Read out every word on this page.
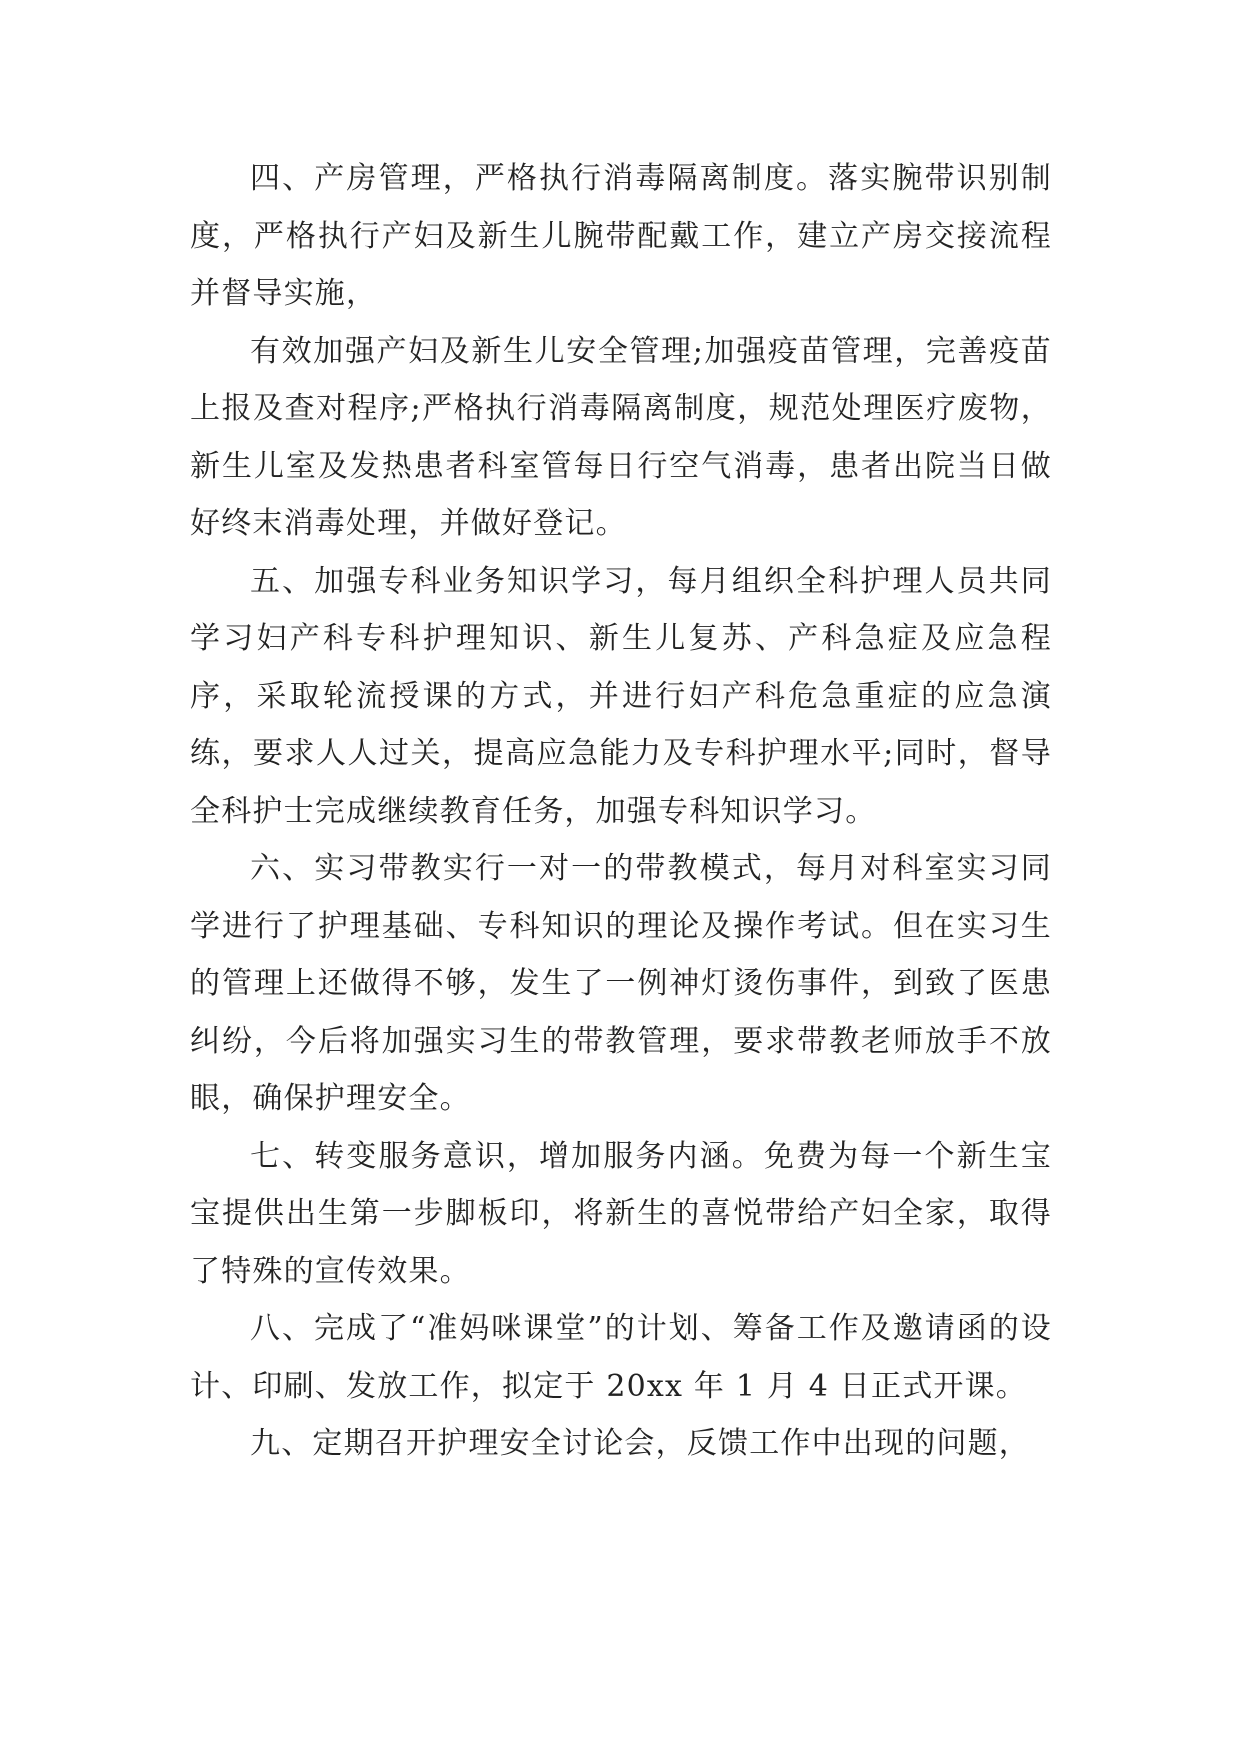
四、产房管理，严格执行消毒隔离制度。落实腕带识别制度，严格执行产妇及新生儿腕带配戴工作，建立产房交接流程并督导实施，

有效加强产妇及新生儿安全管理;加强疫苗管理，完善疫苗上报及查对程序;严格执行消毒隔离制度，规范处理医疗废物，新生儿室及发热患者科室管每日行空气消毒，患者出院当日做好终末消毒处理，并做好登记。

五、加强专科业务知识学习，每月组织全科护理人员共同学习妇产科专科护理知识、新生儿复苏、产科急症及应急程序，采取轮流授课的方式，并进行妇产科危急重症的应急演练，要求人人过关，提高应急能力及专科护理水平;同时，督导全科护士完成继续教育任务，加强专科知识学习。

六、实习带教实行一对一的带教模式，每月对科室实习同学进行了护理基础、专科知识的理论及操作考试。但在实习生的管理上还做得不够，发生了一例神灯烫伤事件，到致了医患纠纷，今后将加强实习生的带教管理，要求带教老师放手不放眼，确保护理安全。

七、转变服务意识，增加服务内涵。免费为每一个新生宝宝提供出生第一步脚板印，将新生的喜悦带给产妇全家，取得了特殊的宣传效果。

八、完成了“准妈咪课堂”的计划、筹备工作及邀请函的设计、印刷、发放工作，拟定于 20xx 年 1 月 4 日正式开课。

九、定期召开护理安全讨论会，反馈工作中出现的问题，
